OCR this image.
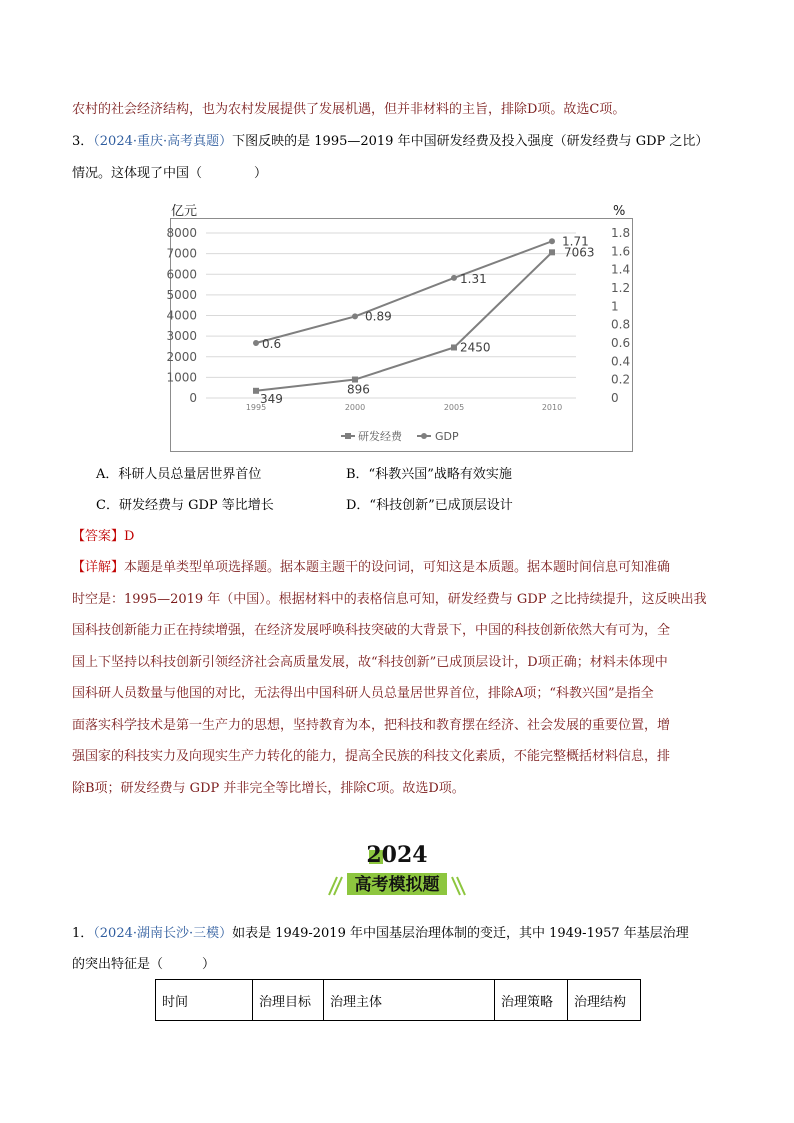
农村的社会经济结构，也为农村发展提供了发展机遇，但并非材料的主旨，排除D项。故选C项。
3．（2024·重庆·高考真题）下图反映的是 1995—2019 年中国研发经费及投入强度（研发经费与 GDP 之比）
情况。这体现了中国（　　　　）
亿元	%
8000
7000
6000
5000
4000
3000
2000
1000
0
1.8
1.6
1.4
1.2
1
0.8
0.6
0.4
0.2
0
1995	2000	2005	2010
349
896
2450
7063
0.6
0.89
1.31
1.71
研发经费	GDP
A．科研人员总量居世界首位	B．“科教兴国”战略有效实施
C．研发经费与 GDP 等比增长	D．“科技创新”已成顶层设计
【答案】D
【详解】本题是单类型单项选择题。据本题主题干的设问词，可知这是本质题。据本题时间信息可知准确
时空是：1995—2019 年（中国）。根据材料中的表格信息可知，研发经费与 GDP 之比持续提升，这反映出我
国科技创新能力正在持续增强，在经济发展呼唤科技突破的大背景下，中国的科技创新依然大有可为，全
国上下坚持以科技创新引领经济社会高质量发展，故“科技创新”已成顶层设计，D项正确；材料未体现中
国科研人员数量与他国的对比，无法得出中国科研人员总量居世界首位，排除A项；“科教兴国”是指全
面落实科学技术是第一生产力的思想，坚持教育为本，把科技和教育摆在经济、社会发展的重要位置，增
强国家的科技实力及向现实生产力转化的能力，提高全民族的科技文化素质，不能完整概括材料信息，排
除B项；研发经费与 GDP 并非完全等比增长，排除C项。故选D项。
2024
高考模拟题
1．（2024·湖南长沙·三模）如表是 1949-2019 年中国基层治理体制的变迁，其中 1949-1957 年基层治理
的突出特征是（　　　）
时间	治理目标	治理主体	治理策略	治理结构
